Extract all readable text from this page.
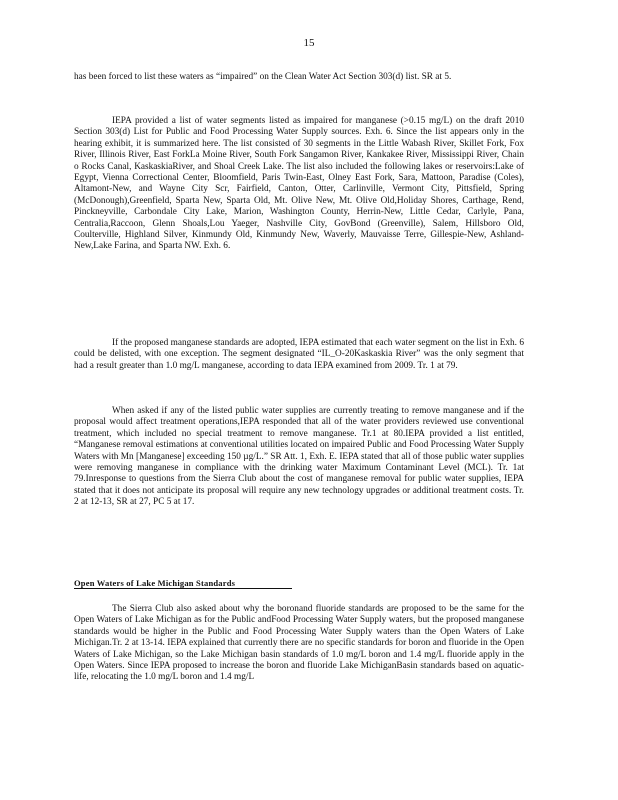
15

has been forced to list these waters as “impaired” on the Clean Water Act Section 303(d) list. SR at 5.

IEPA provided a list of water segments listed as impaired for manganese (>0.15 mg/L) on the draft 2010 Section 303(d) List for Public and Food Processing Water Supply sources. Exh. 6. Since the list appears only in the hearing exhibit, it is summarized here. The list consisted of 30 segments in the Little Wabash River, Skillet Fork, Fox River, Illinois River, East ForkLa Moine River, South Fork Sangamon River, Kankakee River, Mississippi River, Chain o Rocks Canal, KaskaskiaRiver, and Shoal Creek Lake. The list also included the following lakes or reservoirs:Lake of Egypt, Vienna Correctional Center, Bloomfield, Paris Twin-East, Olney East Fork, Sara, Mattoon, Paradise (Coles), Altamont-New, and Wayne City Scr, Fairfield, Canton, Otter, Carlinville, Vermont City, Pittsfield, Spring (McDonough),Greenfield, Sparta New, Sparta Old, Mt. Olive New, Mt. Olive Old,Holiday Shores, Carthage, Rend, Pinckneyville, Carbondale City Lake, Marion, Washington County, Herrin-New, Little Cedar, Carlyle, Pana, Centralia,Raccoon, Glenn Shoals,Lou Yaeger, Nashville City, GovBond (Greenville), Salem, Hillsboro Old, Coulterville, Highland Silver, Kinmundy Old, Kinmundy New, Waverly, Mauvaisse Terre, Gillespie-New, Ashland-New,Lake Farina, and Sparta NW. Exh. 6.

If the proposed manganese standards are adopted, IEPA estimated that each water segment on the list in Exh. 6 could be delisted, with one exception. The segment designated “IL_O-20Kaskaskia River” was the only segment that had a result greater than 1.0 mg/L manganese, according to data IEPA examined from 2009. Tr. 1 at 79.

When asked if any of the listed public water supplies are currently treating to remove manganese and if the proposal would affect treatment operations,IEPA responded that all of the water providers reviewed use conventional treatment, which included no special treatment to remove manganese. Tr.1 at 80.IEPA provided a list entitled, “Manganese removal estimations at conventional utilities located on impaired Public and Food Processing Water Supply Waters with Mn [Manganese] exceeding 150 µg/L.” SR Att. 1, Exh. E. IEPA stated that all of those public water supplies were removing manganese in compliance with the drinking water Maximum Contaminant Level (MCL). Tr. 1at 79.Inresponse to questions from the Sierra Club about the cost of manganese removal for public water supplies, IEPA stated that it does not anticipate its proposal will require any new technology upgrades or additional treatment costs. Tr. 2 at 12-13, SR at 27, PC 5 at 17.

Open Waters of Lake Michigan Standards

The Sierra Club also asked about why the boronand fluoride standards are proposed to be the same for the Open Waters of Lake Michigan as for the Public andFood Processing Water Supply waters, but the proposed manganese standards would be higher in the Public and Food Processing Water Supply waters than the Open Waters of Lake Michigan.Tr. 2 at 13-14. IEPA explained that currently there are no specific standards for boron and fluoride in the Open Waters of Lake Michigan, so the Lake Michigan basin standards of 1.0 mg/L boron and 1.4 mg/L fluoride apply in the Open Waters. Since IEPA proposed to increase the boron and fluoride Lake MichiganBasin standards based on aquatic-life, relocating the 1.0 mg/L boron and 1.4 mg/L
